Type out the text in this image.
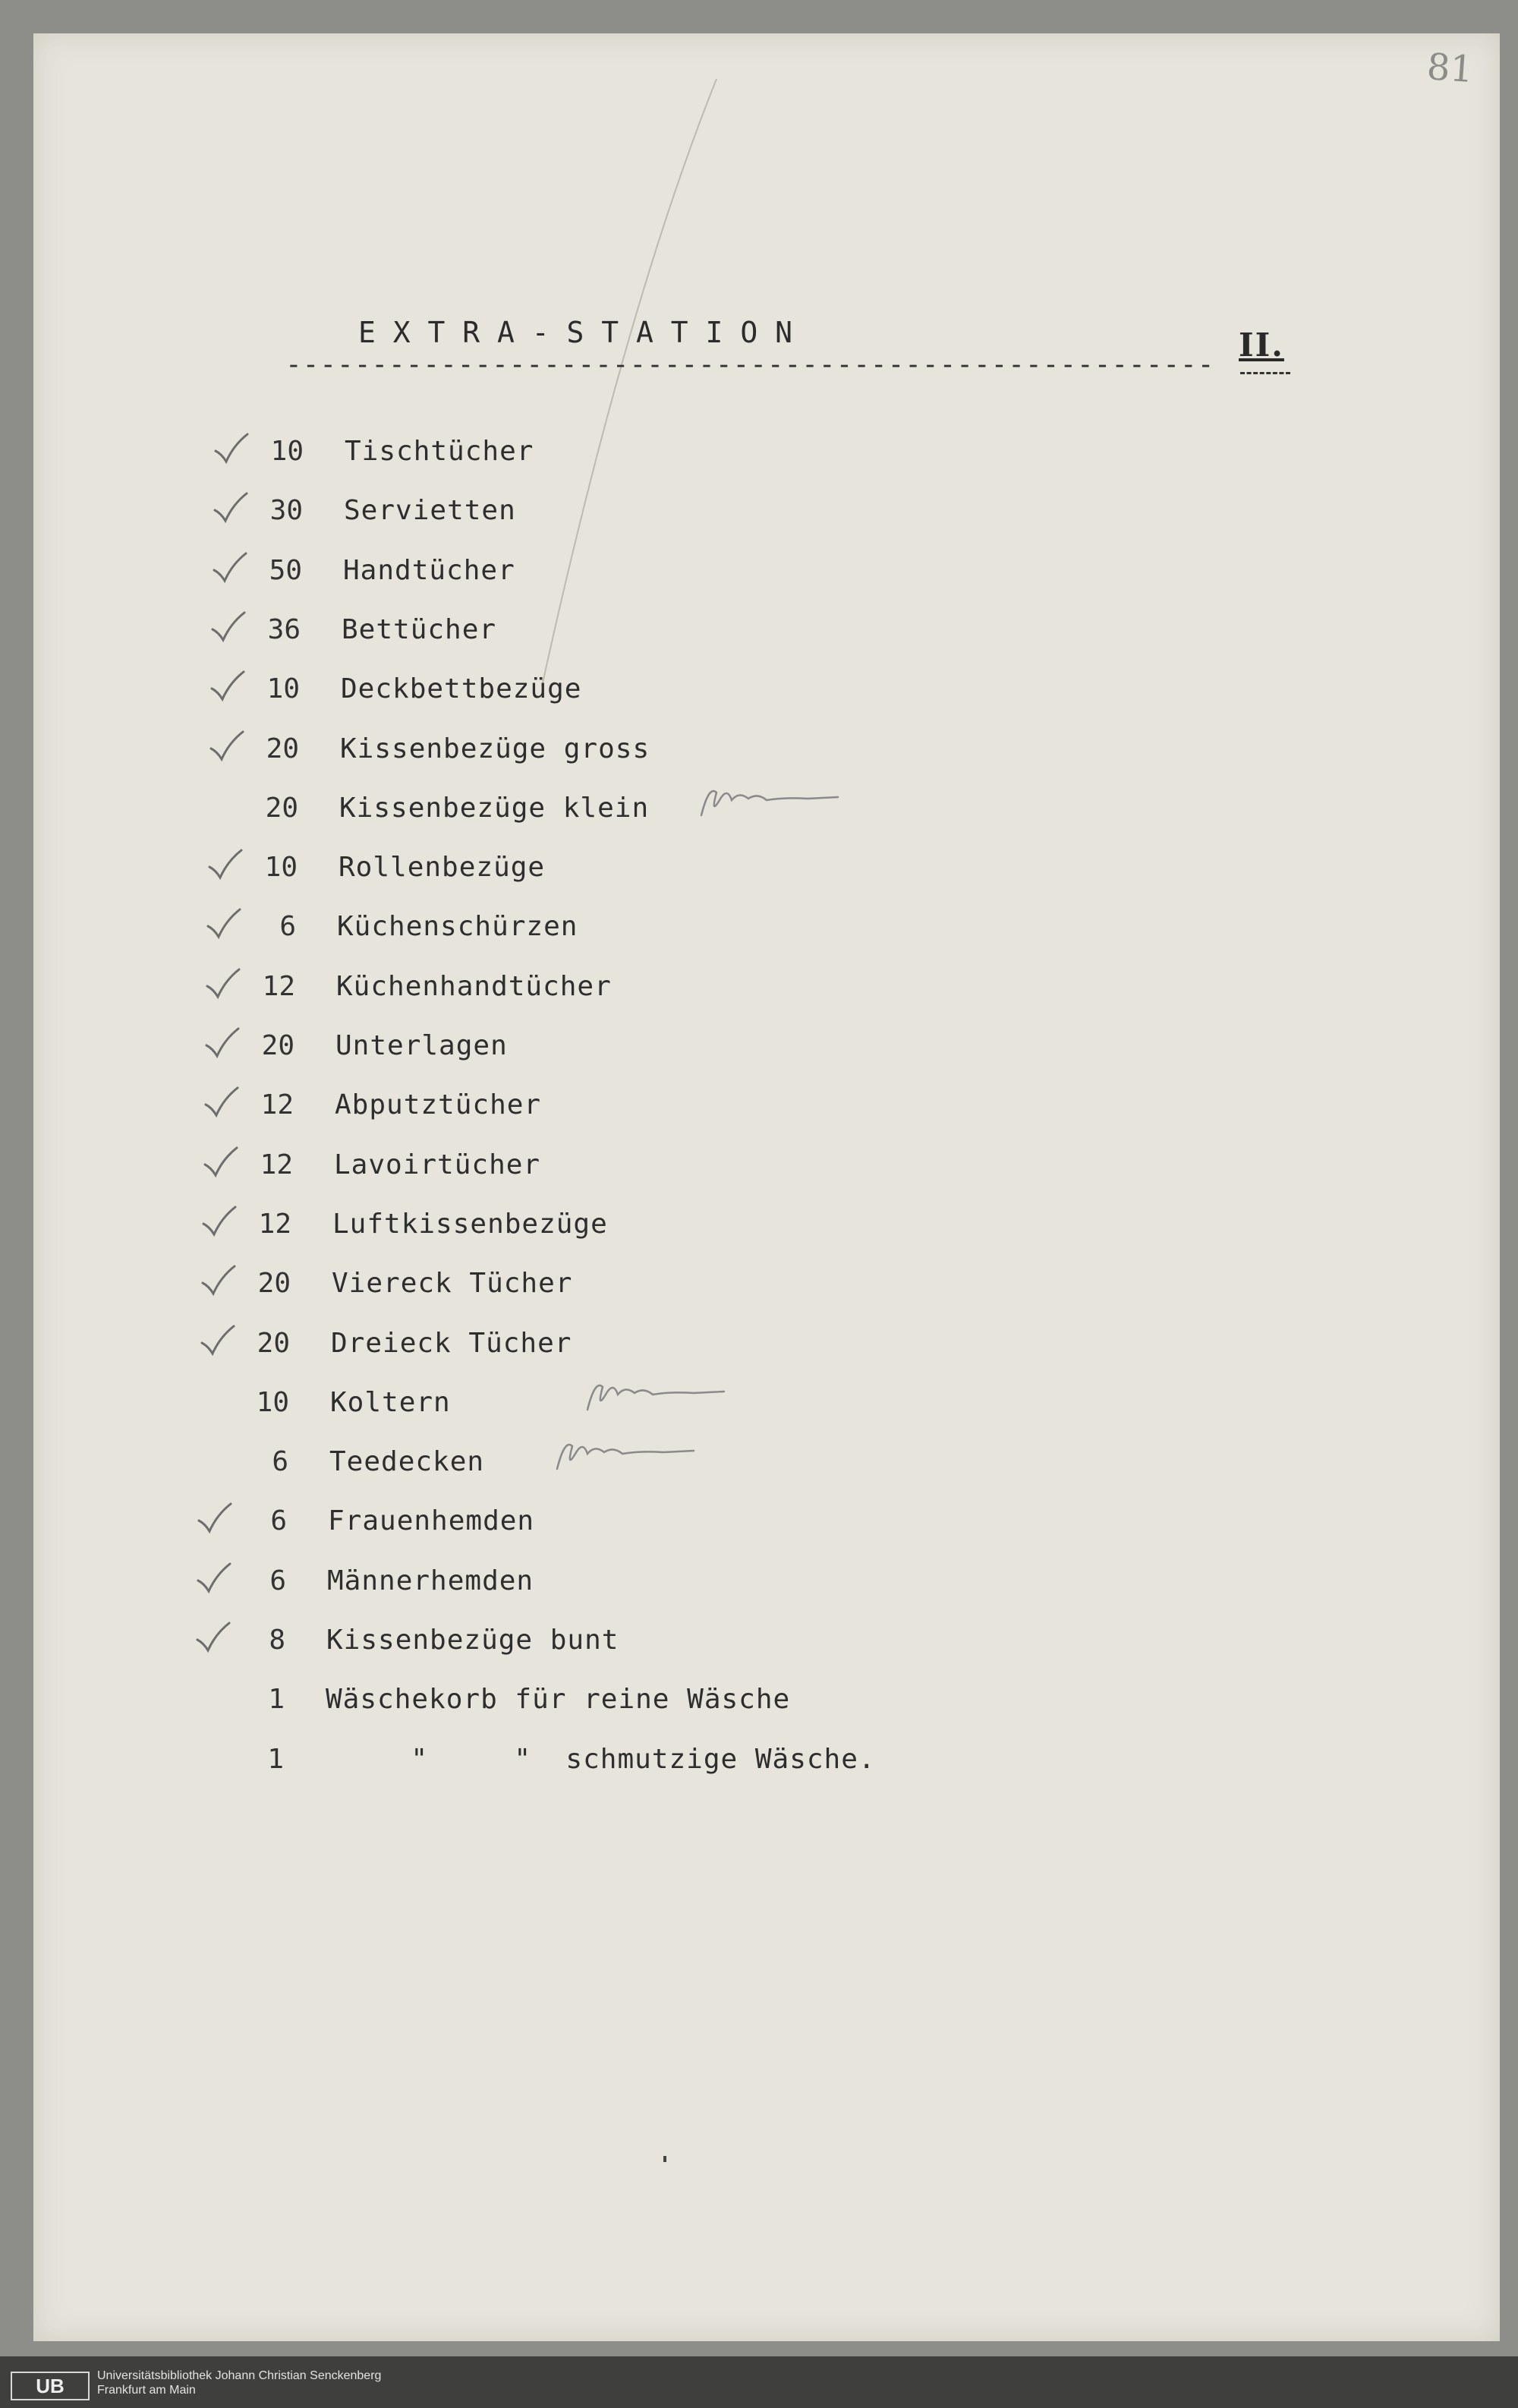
81
E X T R A - S T A T I O N
------------------------------------------------------
II.
10 Tischtücher
30 Servietten
50 Handtücher
36 Bettücher
10 Deckbettbezüge
20 Kissenbezüge gross
20 Kissenbezüge klein
10 Rollenbezüge
6 Küchenschürzen
12 Küchenhandtücher
20 Unterlagen
12 Abputztücher
12 Lavoirtücher
12 Luftkissenbezüge
20 Viereck Tücher
20 Dreieck Tücher
10 Koltern
6 Teedecken
6 Frauenhemden
6 Männerhemden
8 Kissenbezüge bunt
1 Wäschekorb für reine Wäsche
1 "     "  schmutzige Wäsche.
UB	Universitätsbibliothek Johann Christian Senckenberg
Frankfurt am Main
